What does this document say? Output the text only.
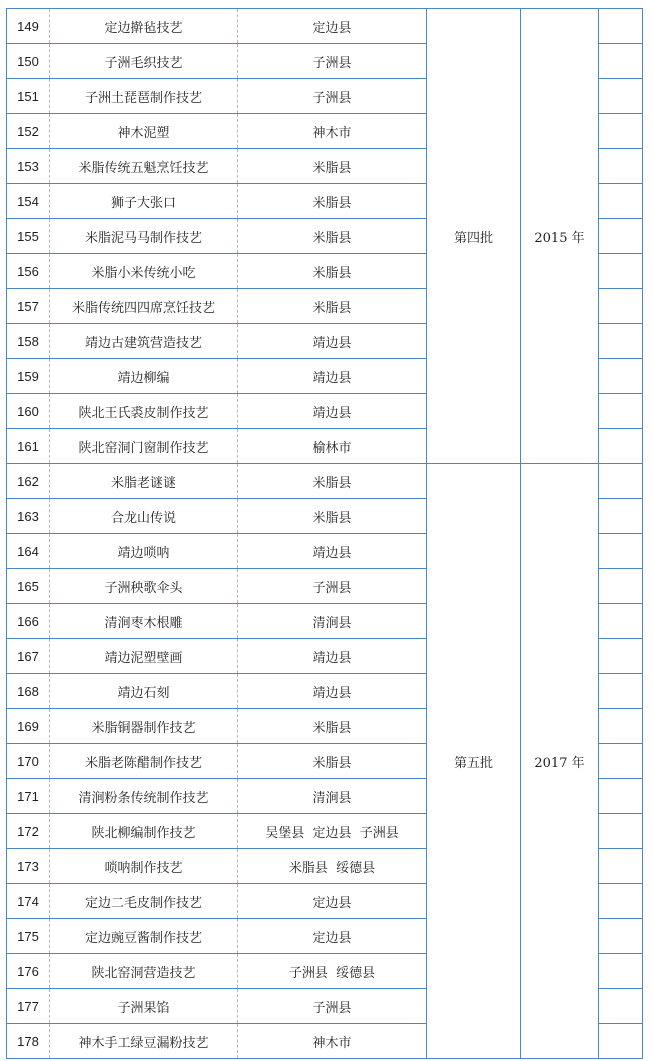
149	定边擀毡技艺	定边县	第四批	2015 年	
150	子洲毛织技艺	子洲县			
151	子洲土琵琶制作技艺	子洲县			
152	神木泥塑	神木市			
153	米脂传统五魁烹饪技艺	米脂县			
154	狮子大张口	米脂县			
155	米脂泥马马制作技艺	米脂县			
156	米脂小米传统小吃	米脂县			
157	米脂传统四四席烹饪技艺	米脂县			
158	靖边古建筑营造技艺	靖边县			
159	靖边柳编	靖边县			
160	陕北王氏裘皮制作技艺	靖边县			
161	陕北窑洞门窗制作技艺	榆林市			
162	米脂老谜谜	米脂县	第五批	2017 年	
163	合龙山传说	米脂县			
164	靖边唢呐	靖边县			
165	子洲秧歌伞头	子洲县			
166	清涧枣木根雕	清涧县			
167	靖边泥塑壁画	靖边县			
168	靖边石刻	靖边县			
169	米脂铜器制作技艺	米脂县			
170	米脂老陈醋制作技艺	米脂县			
171	清涧粉条传统制作技艺	清涧县			
172	陕北柳编制作技艺	吴堡县  定边县  子洲县			
173	唢呐制作技艺	米脂县  绥德县			
174	定边二毛皮制作技艺	定边县			
175	定边豌豆酱制作技艺	定边县			
176	陕北窑洞营造技艺	子洲县  绥德县			
177	子洲果馅	子洲县			
178	神木手工绿豆漏粉技艺	神木市			
